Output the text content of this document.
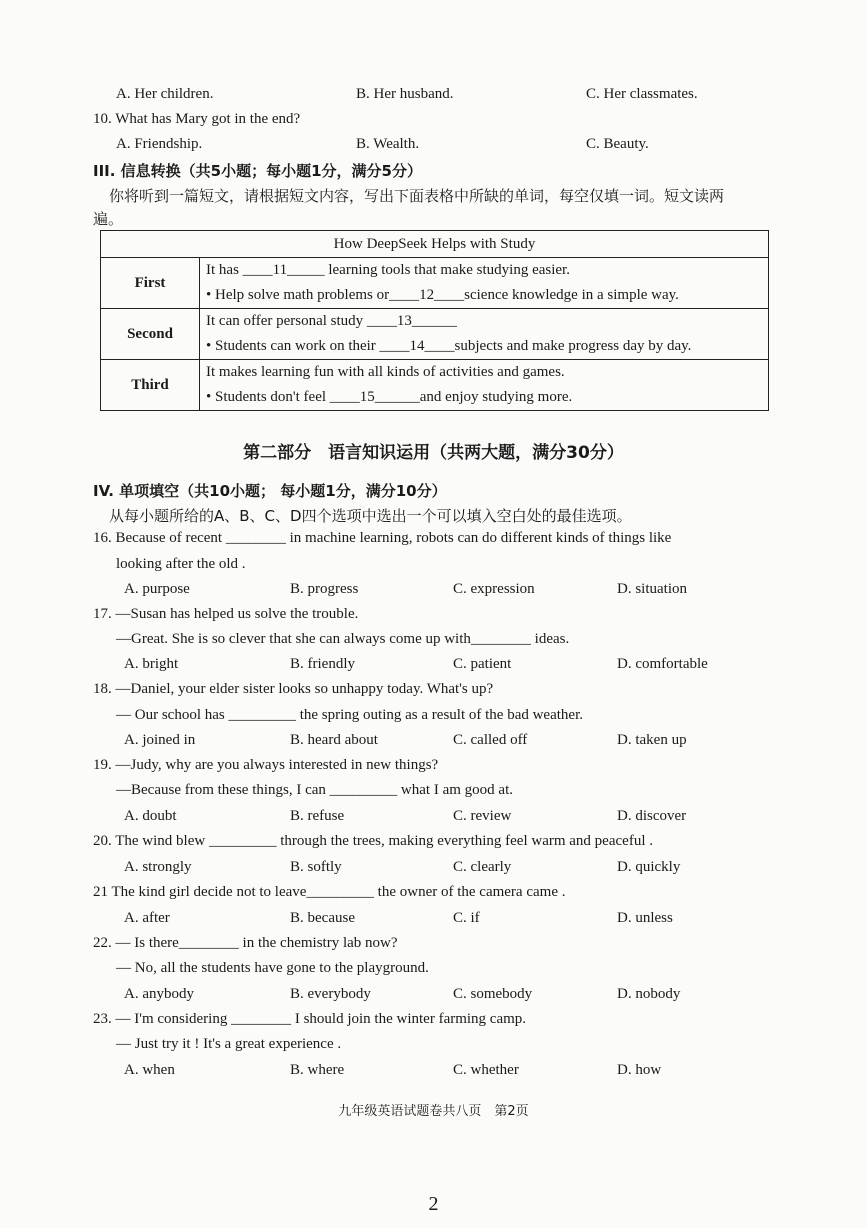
A. Her children.	B. Her husband.	C. Her classmates.
10. What has Mary got in the end?
A. Friendship.	B. Wealth.	C. Beauty.
III. 信息转换（共5小题；每小题1分，满分5分）
你将听到一篇短文，请根据短文内容，写出下面表格中所缺的单词，每空仅填一词。短文读两
遍。
How DeepSeek Helps with Study	
First	It has ____11_____ learning tools that make studying easier.
• Help solve math problems or____12____science knowledge in a simple way.

Second	It can offer personal study ____13______
• Students can work on their ____14____subjects and make progress day by day.

Third	It makes learning fun with all kinds of activities and games.
• Students don't feel ____15______and enjoy studying more.
第二部分　语言知识运用（共两大题，满分30分）
IV. 单项填空（共10小题； 每小题1分，满分10分）
从每小题所给的A、B、C、D四个选项中选出一个可以填入空白处的最佳选项。
16. Because of recent ________ in machine learning, robots can do different kinds of things like
looking after the old .
A. purpose	B. progress	C. expression	D. situation
17. —Susan has helped us solve the trouble.
—Great. She is so clever that she can always come up with________ ideas.
A. bright	B. friendly	C. patient	D. comfortable
18. —Daniel, your elder sister looks so unhappy today. What's up?
— Our school has _________ the spring outing as a result of the bad weather.
A. joined in	B. heard about	C. called off	D. taken up
19. —Judy, why are you always interested in new things?
—Because from these things, I can _________ what I am good at.
A. doubt	B. refuse	C. review	D. discover
20. The wind blew _________ through the trees, making everything feel warm and peaceful .
A. strongly	B. softly	C. clearly	D. quickly
21 The kind girl decide not to leave_________ the owner of the camera came .
A. after	B. because	C. if	D. unless
22. — Is there________ in the chemistry lab now?
— No, all the students have gone to the playground.
A. anybody	B. everybody	C. somebody	D. nobody
23. — I'm considering ________ I should join the winter farming camp.
— Just try it ! It's a great experience .
A. when	B. where	C. whether	D. how
九年级英语试题卷共八页　第2页
2
